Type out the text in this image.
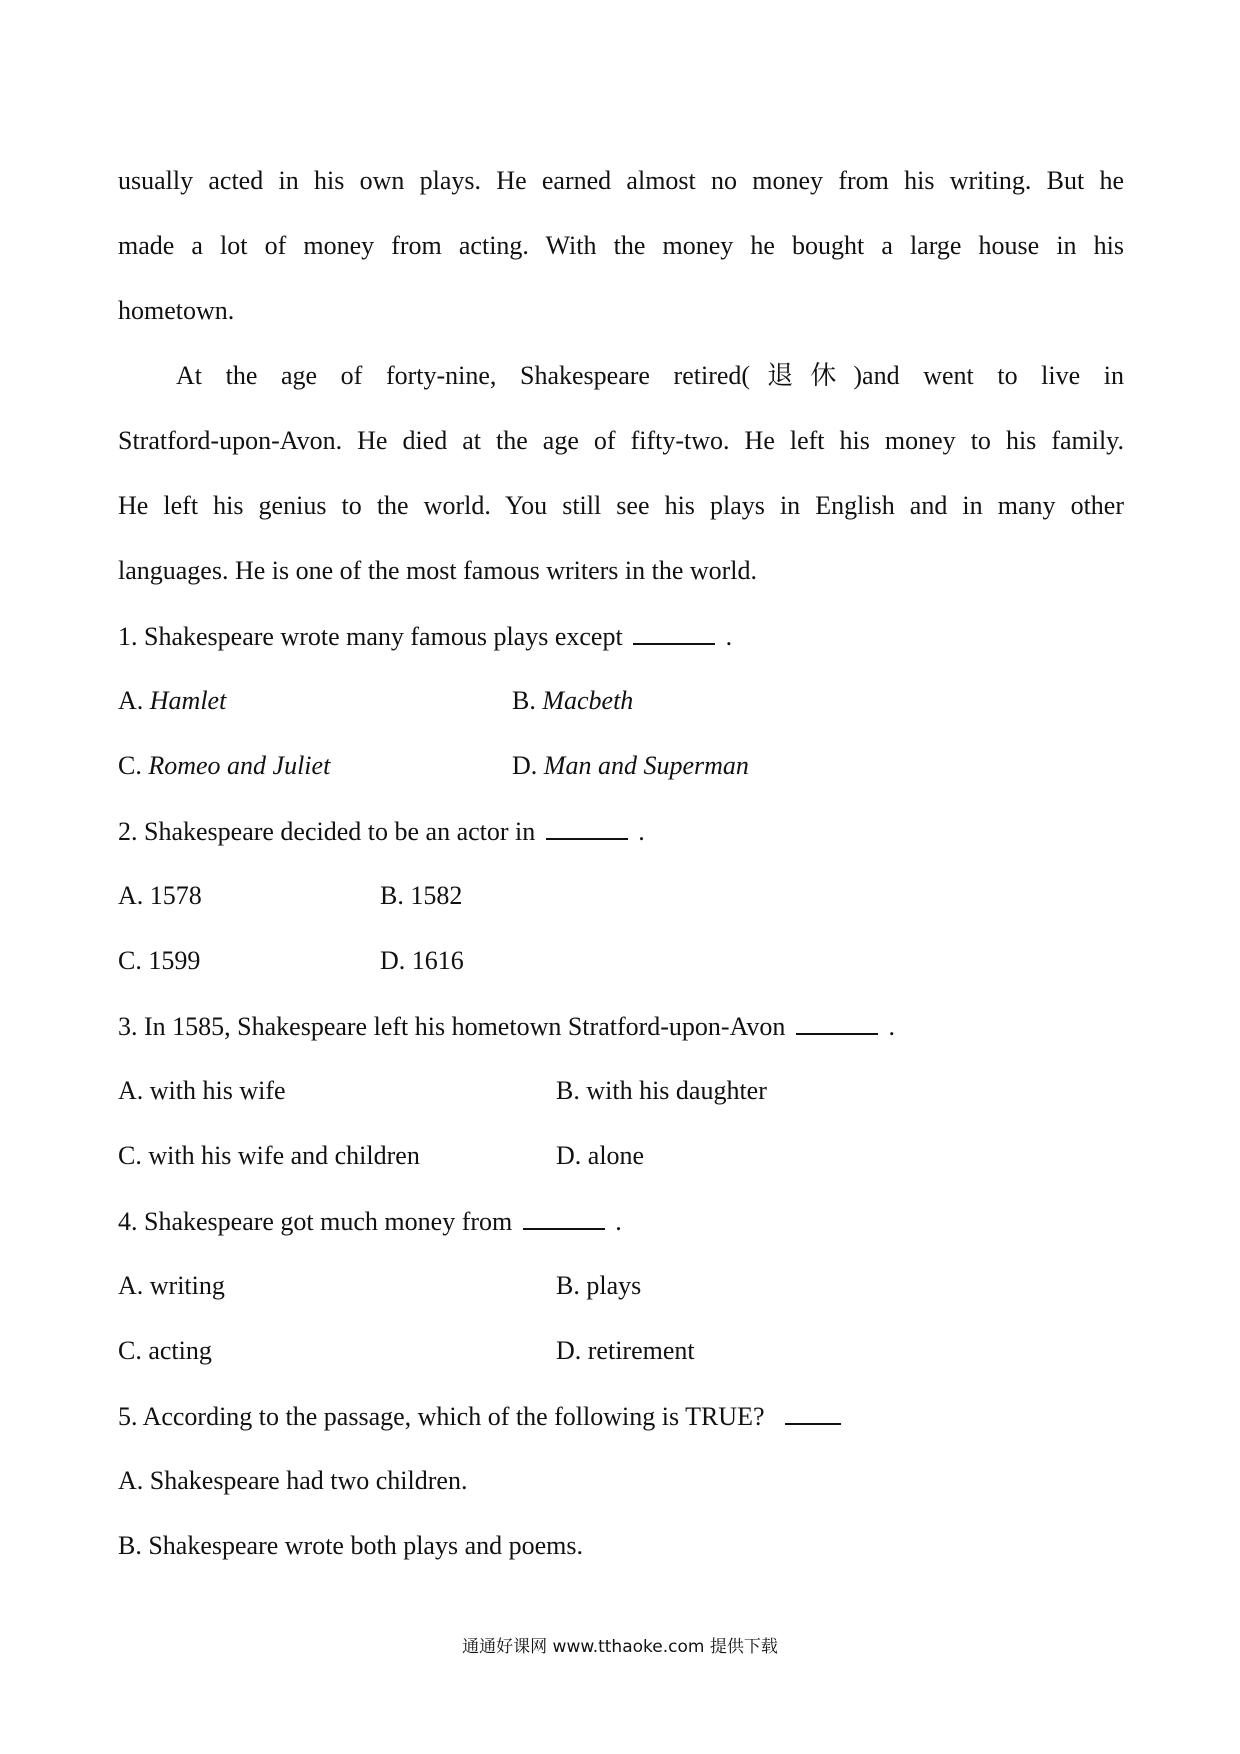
usually acted in his own plays. He earned almost no money from his writing. But he
made a lot of money from acting. With the money he bought a large house in his
hometown.
At the age of forty-nine, Shakespeare retired(退休)and went to live in
Stratford-upon-Avon. He died at the age of fifty-two. He left his money to his family.
He left his genius to the world. You still see his plays in English and in many other
languages. He is one of the most famous writers in the world.
1. Shakespeare wrote many famous plays except	.
A. Hamlet	B. Macbeth
C. Romeo and Juliet	D. Man and Superman
2. Shakespeare decided to be an actor in	.
A. 1578	B. 1582
C. 1599	D. 1616
3. In 1585, Shakespeare left his hometown Stratford-upon-Avon	.
A. with his wife	B. with his daughter
C. with his wife and children	D. alone
4. Shakespeare got much money from	.
A. writing	B. plays
C. acting	D. retirement
5. According to the passage, which of the following is TRUE?
A. Shakespeare had two children.
B. Shakespeare wrote both plays and poems.
通通好课网 www.tthaoke.com 提供下载
